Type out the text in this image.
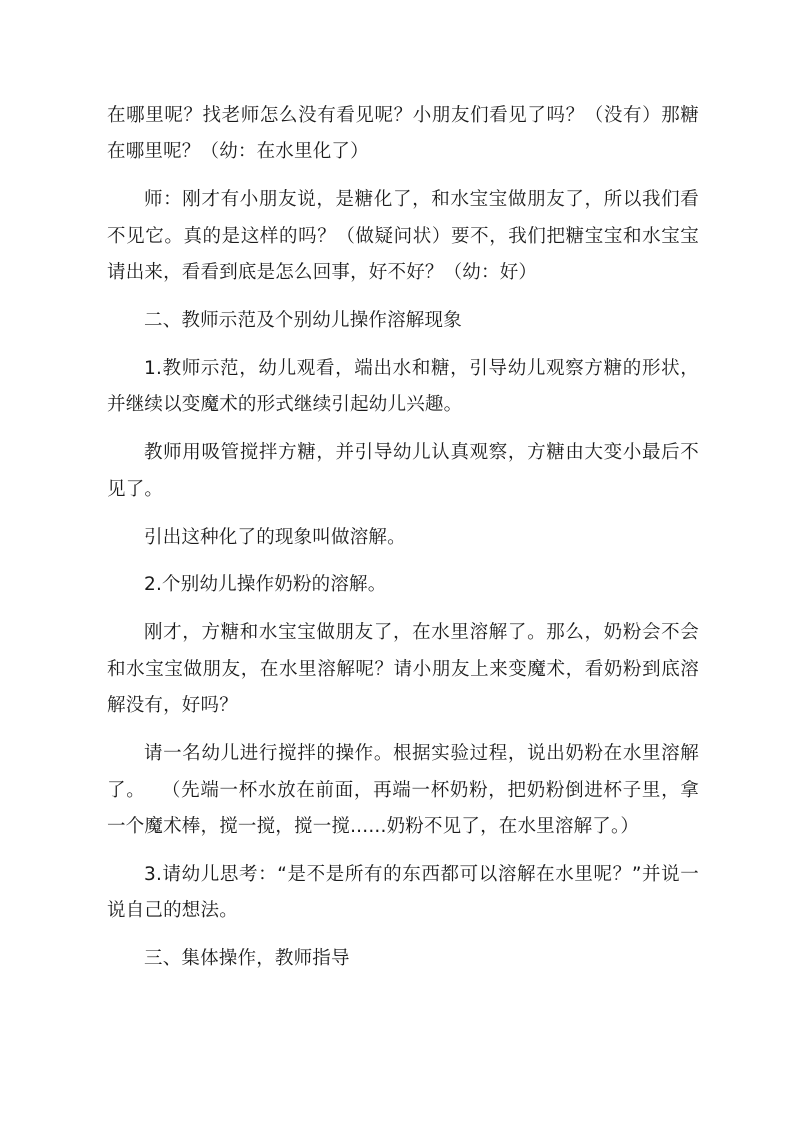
在哪里呢？找老师怎么没有看见呢？小朋友们看见了吗？（没有）那糖在哪里呢？（幼：在水里化了）

师：刚才有小朋友说，是糖化了，和水宝宝做朋友了，所以我们看不见它。真的是这样的吗？（做疑问状）要不，我们把糖宝宝和水宝宝请出来，看看到底是怎么回事，好不好？（幼：好）

二、教师示范及个别幼儿操作溶解现象

1.教师示范，幼儿观看，端出水和糖，引导幼儿观察方糖的形状，并继续以变魔术的形式继续引起幼儿兴趣。

教师用吸管搅拌方糖，并引导幼儿认真观察，方糖由大变小最后不见了。

引出这种化了的现象叫做溶解。

2.个别幼儿操作奶粉的溶解。

刚才，方糖和水宝宝做朋友了，在水里溶解了。那么，奶粉会不会和水宝宝做朋友，在水里溶解呢？请小朋友上来变魔术，看奶粉到底溶解没有，好吗？

请一名幼儿进行搅拌的操作。根据实验过程，说出奶粉在水里溶解了。　 （先端一杯水放在前面，再端一杯奶粉，把奶粉倒进杯子里，拿一个魔术棒，搅一搅，搅一搅......奶粉不见了，在水里溶解了。）

3.请幼儿思考：“是不是所有的东西都可以溶解在水里呢？”并说一说自己的想法。

三、集体操作，教师指导
